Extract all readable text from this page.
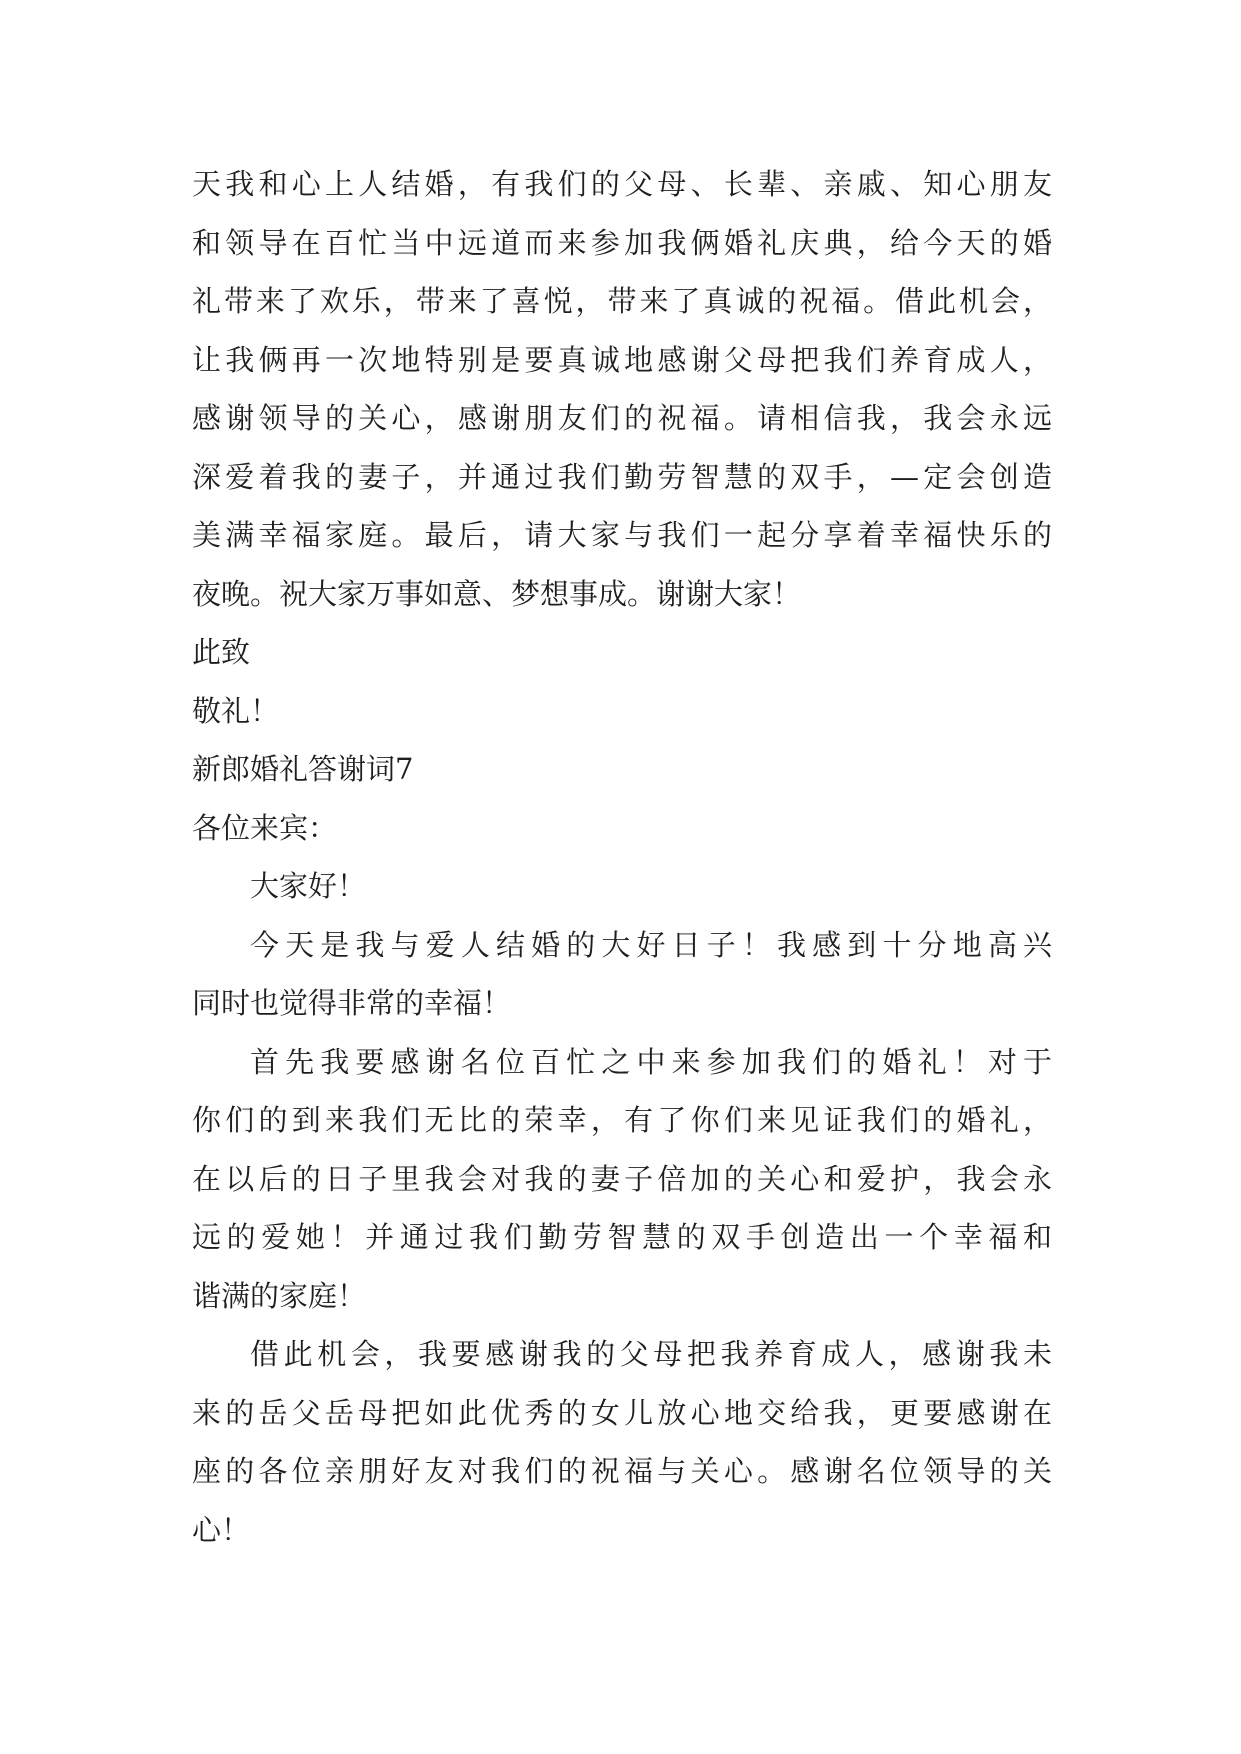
天我和心上人结婚，有我们的父母、长辈、亲戚、知心朋友
和领导在百忙当中远道而来参加我俩婚礼庆典，给今天的婚
礼带来了欢乐，带来了喜悦，带来了真诚的祝福。借此机会，
让我俩再一次地特别是要真诚地感谢父母把我们养育成人，
感谢领导的关心，感谢朋友们的祝福。请相信我，我会永远
深爱着我的妻子，并通过我们勤劳智慧的双手，—定会创造
美满幸福家庭。最后，请大家与我们一起分享着幸福快乐的
夜晚。祝大家万事如意、梦想事成。谢谢大家！
此致
敬礼！
新郎婚礼答谢词7
各位来宾：
大家好！
今天是我与爱人结婚的大好日子！我感到十分地高兴
同时也觉得非常的幸福！
首先我要感谢名位百忙之中来参加我们的婚礼！对于
你们的到来我们无比的荣幸，有了你们来见证我们的婚礼，
在以后的日子里我会对我的妻子倍加的关心和爱护，我会永
远的爱她！并通过我们勤劳智慧的双手创造出一个幸福和
谐满的家庭！
借此机会，我要感谢我的父母把我养育成人，感谢我未
来的岳父岳母把如此优秀的女儿放心地交给我，更要感谢在
座的各位亲朋好友对我们的祝福与关心。感谢名位领导的关
心！
